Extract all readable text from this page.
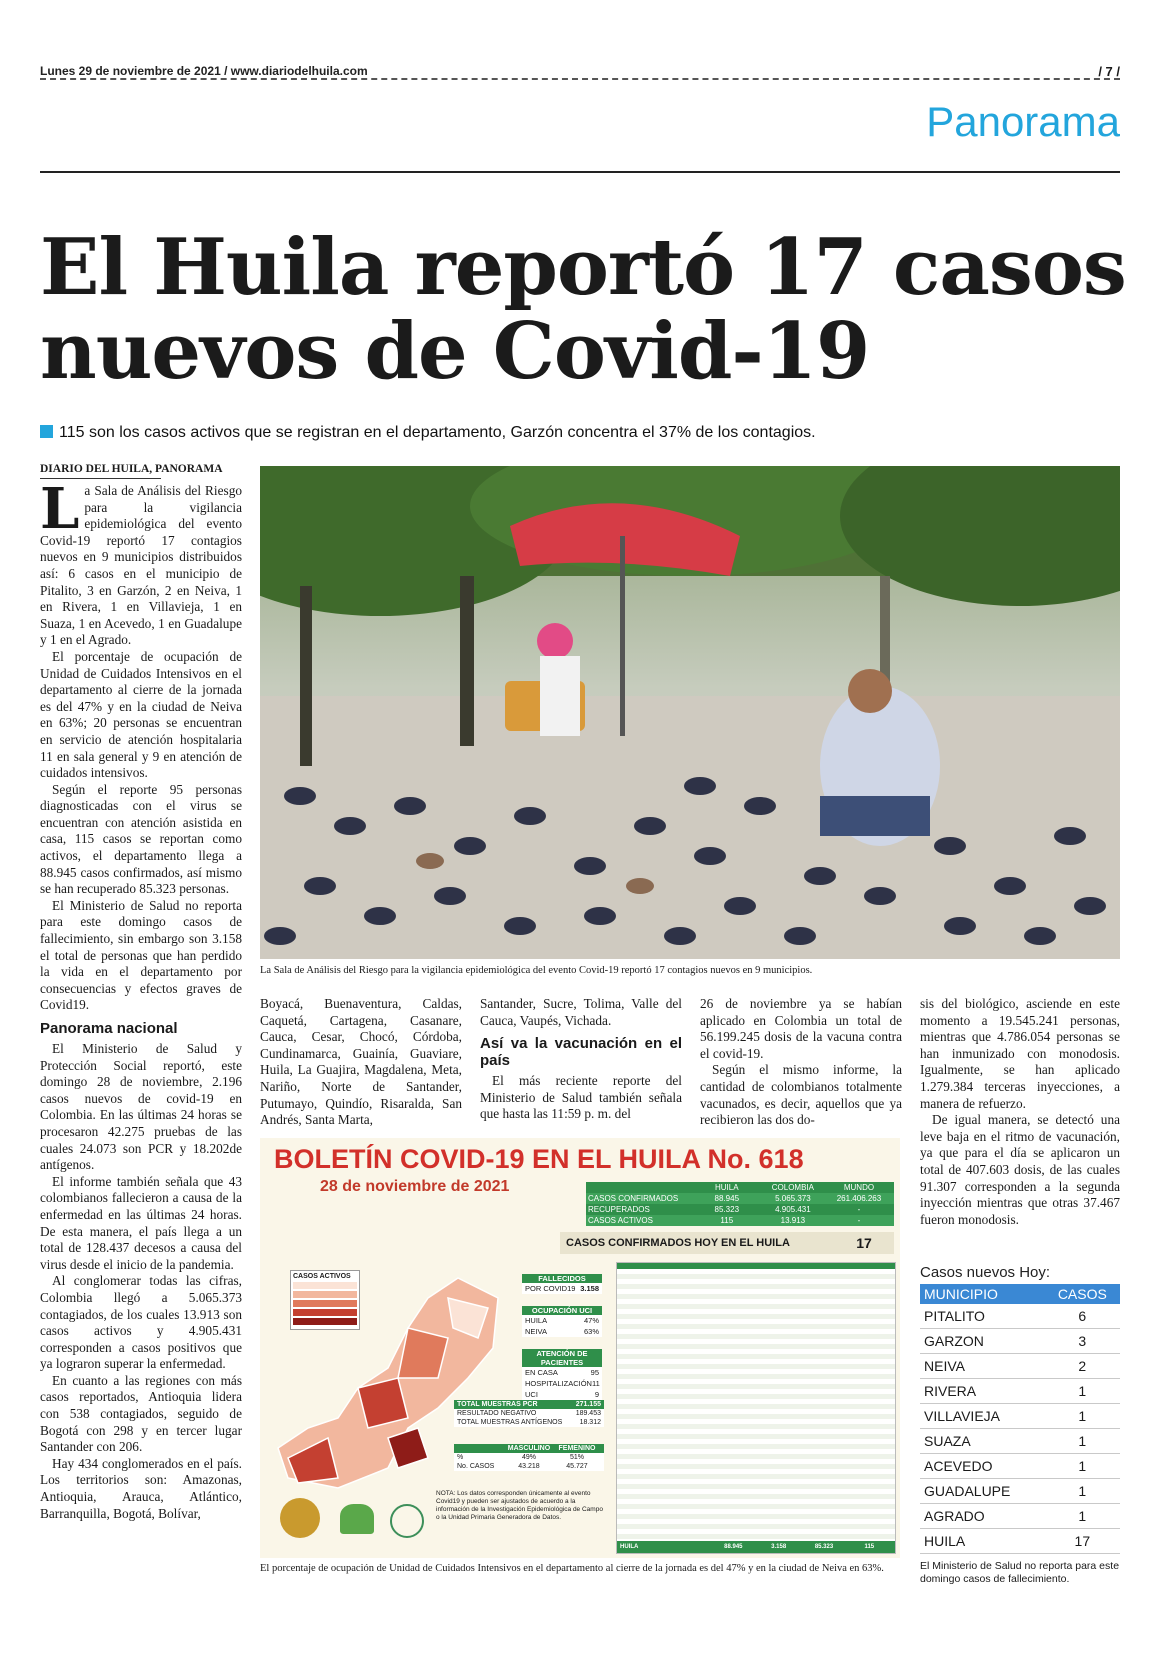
Lunes 29 de noviembre de 2021 / www.diariodelhuila.com	/ 7 /
Panorama
El Huila reportó 17 casos nuevos de Covid-19
115 son los casos activos que se registran en el departamento, Garzón concentra el 37% de los contagios.
DIARIO DEL HUILA, PANORAMA

La Sala de Análisis del Riesgo para la vigilancia epidemiológica del evento Covid-19 reportó 17 contagios nuevos en 9 municipios distribuidos así: 6 casos en el municipio de Pitalito, 3 en Garzón, 2 en Neiva, 1 en Rivera, 1 en Villavieja, 1 en Suaza, 1 en Acevedo, 1 en Guadalupe y 1 en el Agrado.

El porcentaje de ocupación de Unidad de Cuidados Intensivos en el departamento al cierre de la jornada es del 47% y en la ciudad de Neiva en 63%; 20 personas se encuentran en servicio de atención hospitalaria 11 en sala general y 9 en atención de cuidados intensivos.

Según el reporte 95 personas diagnosticadas con el virus se encuentran con atención asistida en casa, 115 casos se reportan como activos, el departamento llega a 88.945 casos confirmados, así mismo se han recuperado 85.323 personas.

El Ministerio de Salud no reporta para este domingo casos de fallecimiento, sin embargo son 3.158 el total de personas que han perdido la vida en el departamento por consecuencias y efectos graves de Covid19.

Panorama nacional

El Ministerio de Salud y Protección Social reportó, este domingo 28 de noviembre, 2.196 casos nuevos de covid-19 en Colombia. En las últimas 24 horas se procesaron 42.275 pruebas de las cuales 24.073 son PCR y 18.202de antígenos.

El informe también señala que 43 colombianos fallecieron a causa de la enfermedad en las últimas 24 horas. De esta manera, el país llega a un total de 128.437 decesos a causa del virus desde el inicio de la pandemia.

Al conglomerar todas las cifras, Colombia llegó a 5.065.373 contagiados, de los cuales 13.913 son casos activos y 4.905.431 corresponden a casos positivos que ya lograron superar la enfermedad.

En cuanto a las regiones con más casos reportados, Antioquia lidera con 538 contagiados, seguido de Bogotá con 298 y en tercer lugar Santander con 206.

Hay 434 conglomerados en el país. Los territorios son: Amazonas, Antioquia, Arauca, Atlántico, Barranquilla, Bogotá, Bolívar,

La Sala de Análisis del Riesgo para la vigilancia epidemiológica del evento Covid-19 reportó 17 contagios nuevos en 9 municipios.

Boyacá, Buenaventura, Caldas, Caquetá, Cartagena, Casanare, Cauca, Cesar, Chocó, Córdoba, Cundinamarca, Guainía, Guaviare, Huila, La Guajira, Magdalena, Meta, Nariño, Norte de Santander, Putumayo, Quindío, Risaralda, San Andrés, Santa Marta,

Santander, Sucre, Tolima, Valle del Cauca, Vaupés, Vichada.

Así va la vacunación en el país

El más reciente reporte del Ministerio de Salud también señala que hasta las 11:59 p. m. del

26 de noviembre ya se habían aplicado en Colombia un total de 56.199.245 dosis de la vacuna contra el covid-19.

Según el mismo informe, la cantidad de colombianos totalmente vacunados, es decir, aquellos que ya recibieron las dos do-

sis del biológico, asciende en este momento a 19.545.241 personas, mientras que 4.786.054 personas se han inmunizado con monodosis. Igualmente, se han aplicado 1.279.384 terceras inyecciones, a manera de refuerzo.

De igual manera, se detectó una leve baja en el ritmo de vacunación, ya que para el día se aplicaron un total de 407.603 dosis, de las cuales 91.307 corresponden a la segunda inyección mientras que otras 37.467 fueron monodosis.

BOLETÍN COVID-19 EN EL HUILA No. 618
28 de noviembre de 2021	HUILA	COLOMBIA	MUNDO
CASOS CONFIRMADOS	88.945	5.065.373	261.406.263
RECUPERADOS	85.323	4.905.431	-
CASOS ACTIVOS	115	13.913	-
CASOS CONFIRMADOS HOY EN EL HUILA	17
CASOS ACTIVOS	FALLECIDOS
POR COVID19 3.158
OCUPACIÓN UCI
HUILA	47%
NEIVA	63%
ATENCIÓN DE PACIENTES
EN CASA	95
HOSPITALIZACIÓN 11
UCI	9
TOTAL MUESTRAS PCR	271.155
RESULTADO NEGATIVO	189.453
TOTAL MUESTRAS ANTÍGENOS 18.312
MASCULINO	FEMENINO
%	49%	51%
No. CASOS	43.218	45.727
NOTA: Los datos corresponden únicamente al evento Covid19 y pueden ser ajustados de acuerdo a la información de la Investigación Epidemiológica de Campo o la Unidad Primaria Generadora de Datos.
HUILA	88.945	3.158	85.323	115
El porcentaje de ocupación de Unidad de Cuidados Intensivos en el departamento al cierre de la jornada es del 47% y en la ciudad de Neiva en 63%.
Casos nuevos Hoy:
MUNICIPIO	CASOS
PITALITO	6
GARZON	3
NEIVA	2
RIVERA	1
VILLAVIEJA	1
SUAZA	1
ACEVEDO	1
GUADALUPE	1
AGRADO	1
HUILA	17
El Ministerio de Salud no reporta para este domingo casos de fallecimiento.
